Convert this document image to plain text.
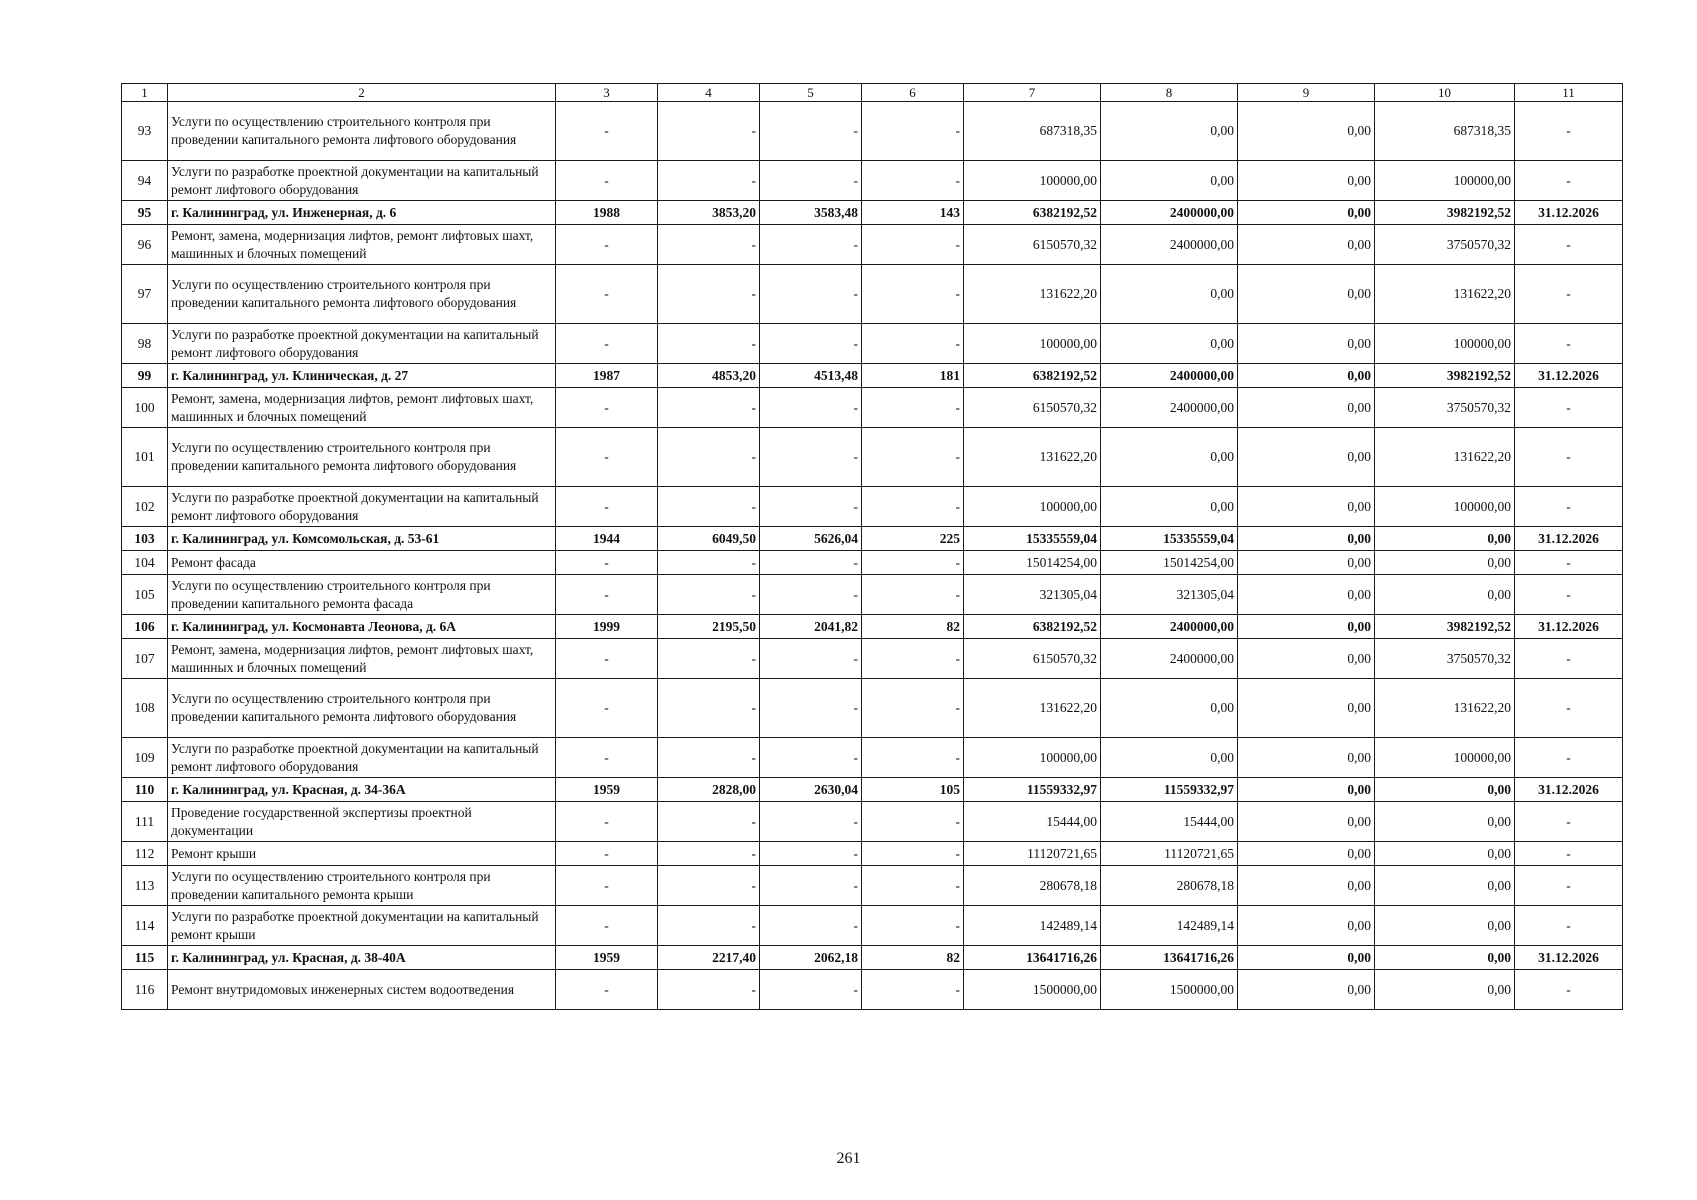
1	2	3	4	5	6	7	8	9	10	11
93	Услуги по осуществлению строительного контроля при проведении капитального ремонта лифтового оборудования	-	-	-	-	687318,35	0,00	0,00	687318,35	-
94	Услуги по разработке проектной документации на капитальный ремонт лифтового оборудования	-	-	-	-	100000,00	0,00	0,00	100000,00	-
95	г. Калининград, ул. Инженерная, д. 6	1988	3853,20	3583,48	143	6382192,52	2400000,00	0,00	3982192,52	31.12.2026
96	Ремонт, замена, модернизация лифтов, ремонт лифтовых шахт, машинных и блочных помещений	-	-	-	-	6150570,32	2400000,00	0,00	3750570,32	-
97	Услуги по осуществлению строительного контроля при проведении капитального ремонта лифтового оборудования	-	-	-	-	131622,20	0,00	0,00	131622,20	-
98	Услуги по разработке проектной документации на капитальный ремонт лифтового оборудования	-	-	-	-	100000,00	0,00	0,00	100000,00	-
99	г. Калининград, ул. Клиническая, д. 27	1987	4853,20	4513,48	181	6382192,52	2400000,00	0,00	3982192,52	31.12.2026
100	Ремонт, замена, модернизация лифтов, ремонт лифтовых шахт, машинных и блочных помещений	-	-	-	-	6150570,32	2400000,00	0,00	3750570,32	-
101	Услуги по осуществлению строительного контроля при проведении капитального ремонта лифтового оборудования	-	-	-	-	131622,20	0,00	0,00	131622,20	-
102	Услуги по разработке проектной документации на капитальный ремонт лифтового оборудования	-	-	-	-	100000,00	0,00	0,00	100000,00	-
103	г. Калининград, ул. Комсомольская, д. 53-61	1944	6049,50	5626,04	225	15335559,04	15335559,04	0,00	0,00	31.12.2026
104	Ремонт фасада	-	-	-	-	15014254,00	15014254,00	0,00	0,00	-
105	Услуги по осуществлению строительного контроля при проведении капитального ремонта фасада	-	-	-	-	321305,04	321305,04	0,00	0,00	-
106	г. Калининград, ул. Космонавта Леонова, д. 6А	1999	2195,50	2041,82	82	6382192,52	2400000,00	0,00	3982192,52	31.12.2026
107	Ремонт, замена, модернизация лифтов, ремонт лифтовых шахт, машинных и блочных помещений	-	-	-	-	6150570,32	2400000,00	0,00	3750570,32	-
108	Услуги по осуществлению строительного контроля при проведении капитального ремонта лифтового оборудования	-	-	-	-	131622,20	0,00	0,00	131622,20	-
109	Услуги по разработке проектной документации на капитальный ремонт лифтового оборудования	-	-	-	-	100000,00	0,00	0,00	100000,00	-
110	г. Калининград, ул. Красная, д. 34-36А	1959	2828,00	2630,04	105	11559332,97	11559332,97	0,00	0,00	31.12.2026
111	Проведение государственной экспертизы проектной документации	-	-	-	-	15444,00	15444,00	0,00	0,00	-
112	Ремонт крыши	-	-	-	-	11120721,65	11120721,65	0,00	0,00	-
113	Услуги по осуществлению строительного контроля при проведении капитального ремонта крыши	-	-	-	-	280678,18	280678,18	0,00	0,00	-
114	Услуги по разработке проектной документации на капитальный ремонт крыши	-	-	-	-	142489,14	142489,14	0,00	0,00	-
115	г. Калининград, ул. Красная, д. 38-40А	1959	2217,40	2062,18	82	13641716,26	13641716,26	0,00	0,00	31.12.2026
116	Ремонт внутридомовых инженерных систем водоотведения	-	-	-	-	1500000,00	1500000,00	0,00	0,00	-
261
